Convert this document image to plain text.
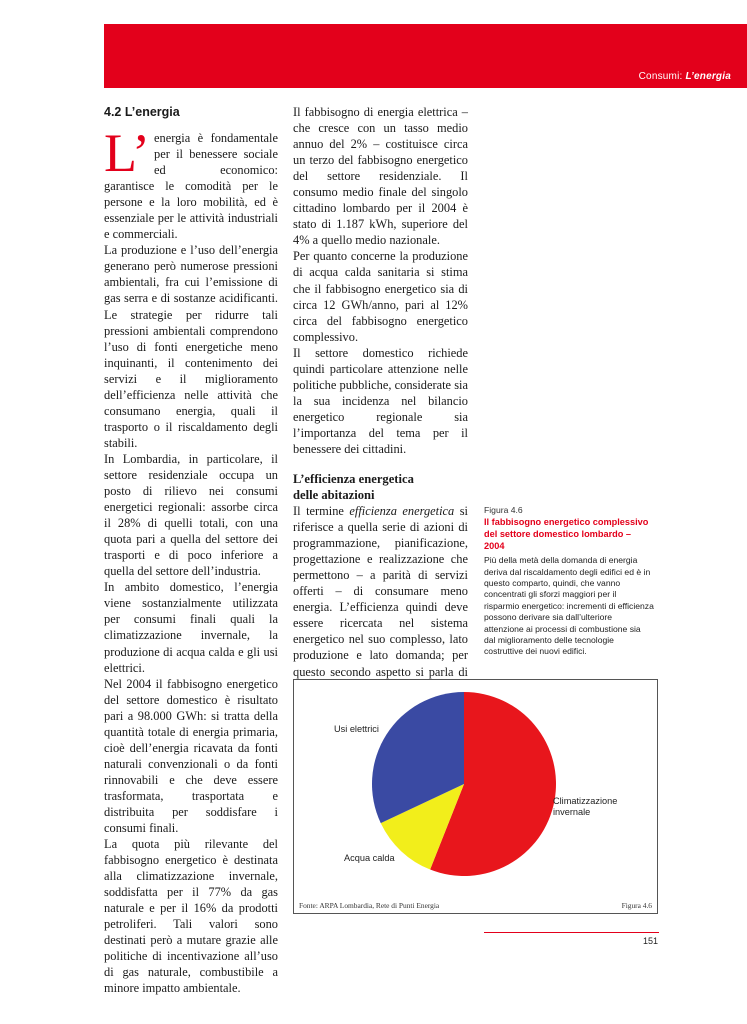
Consumi: L’energia
4.2 L’energia

L’ energia è fondamentale per il benessere sociale ed economico: garantisce le comodità per le persone e la loro mobilità, ed è essenziale per le attività industriali e commerciali.

La produzione e l’uso dell’energia generano però numerose pressioni ambientali, fra cui l’emissione di gas serra e di sostanze acidificanti. Le strategie per ridurre tali pressioni ambientali comprendono l’uso di fonti energetiche meno inquinanti, il contenimento dei servizi e il miglioramento dell’efficienza nelle attività che consumano energia, quali il trasporto o il riscaldamento degli stabili.

In Lombardia, in particolare, il settore residenziale occupa un posto di rilievo nei consumi energetici regionali: assorbe circa il 28% di quelli totali, con una quota pari a quella del settore dei trasporti e di poco inferiore a quella del settore dell’industria.

In ambito domestico, l’energia viene sostanzialmente utilizzata per consumi finali quali la climatizzazione invernale, la produzione di acqua calda e gli usi elettrici.

Nel 2004 il fabbisogno energetico del settore domestico è risultato pari a 98.000 GWh: si tratta della quantità totale di energia primaria, cioè dell’energia ricavata da fonti naturali convenzionali o da fonti rinnovabili e che deve essere trasformata, trasportata e distribuita per soddisfare i consumi finali.

La quota più rilevante del fabbisogno energetico è destinata alla climatizzazione invernale, soddisfatta per il 77% da gas naturale e per il 16% da prodotti petroliferi. Tali valori sono destinati però a mutare grazie alle politiche di incentivazione all’uso di gas naturale, combustibile a minore impatto ambientale.

Il fabbisogno di energia elettrica – che cresce con un tasso medio annuo del 2% – costituisce circa un terzo del fabbisogno energetico del settore residenziale. Il consumo medio finale del singolo cittadino lombardo per il 2004 è stato di 1.187 kWh, superiore del 4% a quello medio nazionale.

Per quanto concerne la produzione di acqua calda sanitaria si stima che il fabbisogno energetico sia di circa 12 GWh/anno, pari al 12% circa del fabbisogno energetico complessivo.

Il settore domestico richiede quindi particolare attenzione nelle politiche pubbliche, considerate sia la sua incidenza nel bilancio energetico regionale sia l’importanza del tema per il benessere dei cittadini.

L’efficienza energetica
delle abitazioni

Il termine efficienza energetica si riferisce a quella serie di azioni di programmazione, pianificazione, progettazione e realizzazione che permettono – a parità di servizi offerti – di consumare meno energia. L’efficienza quindi deve essere ricercata nel sistema energetico nel suo complesso, lato produzione e lato domanda; per questo secondo aspetto si parla di

Figura 4.6
Il fabbisogno energetico complessivo del settore domestico lombardo – 2004
Più della metà della domanda di energia deriva dal riscaldamento degli edifici ed è in questo comparto, quindi, che vanno concentrati gli sforzi maggiori per il risparmio energetico: incrementi di efficienza possono derivare sia dall’ulteriore attenzione ai processi di combustione sia dal miglioramento delle tecnologie costruttive dei nuovi edifici.
Climatizzazione invernale
Acqua calda
Usi elettrici
Fonte: ARPA Lombardia, Rete di Punti Energia	Figura 4.6
151
